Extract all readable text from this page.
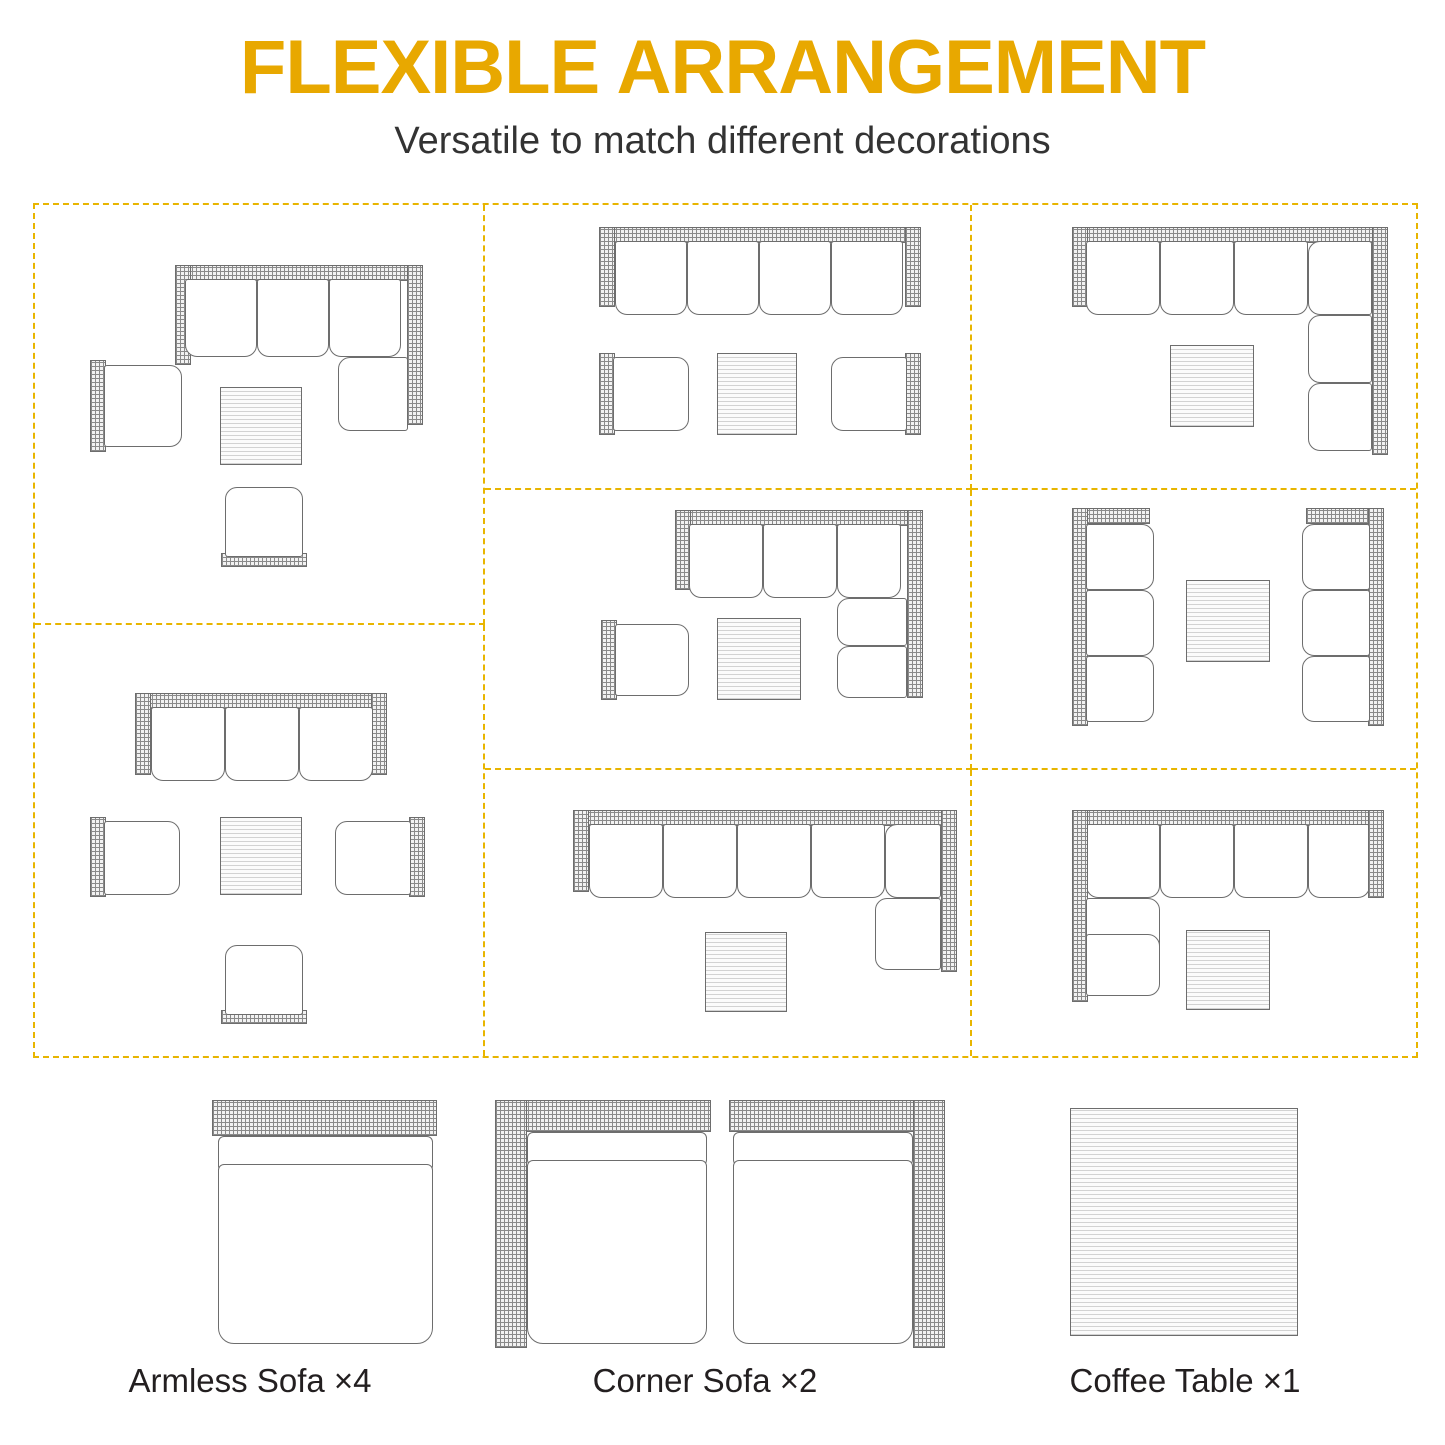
FLEXIBLE ARRANGEMENT
Versatile to match different decorations
Armless Sofa ×4	Corner Sofa ×2	Coffee Table ×1
